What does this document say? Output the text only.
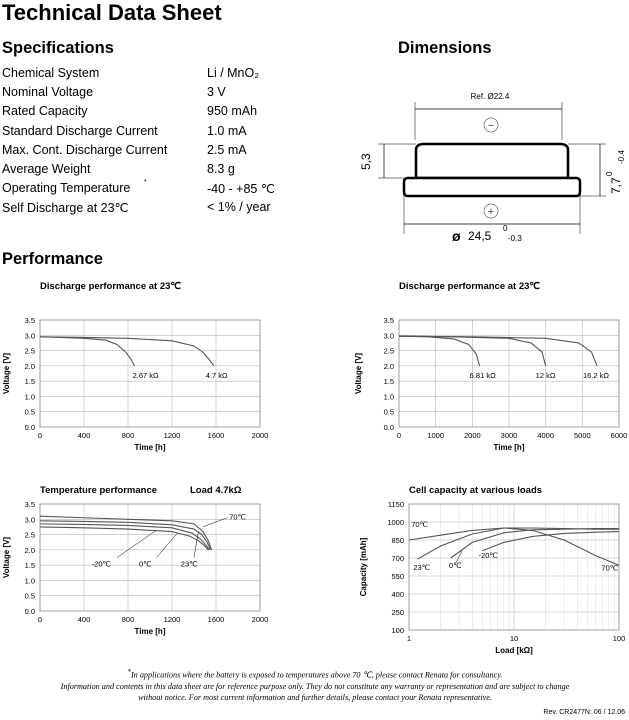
Technical Data Sheet
Specifications	Dimensions
Chemical System	Li / MnO₂
Nominal Voltage	3 V
Rated Capacity	950 mAh
Standard Discharge Current	1.0 mA
Max. Cont. Discharge Current	2.5 mA
Average Weight	8.3 g
Operating Temperature *	-40 - +85 ℃
Self Discharge at 23℃	< 1% / year
Ref. Ø22.4
−
5,3
7,7
0
-0.4
+
ø 24,5
0
-0.3
Performance
Discharge performance at 23℃
0.0
0.5
1.0
1.5
2.0
2.5
3.0
3.5
0	400	800	1200	1600	2000
Time [h]
Voltage [V]	2.67 kΩ	4.7 kΩ
Discharge performance at 23℃
0.0
0.5
1.0
1.5
2.0
2.5
3.0
3.5
0	1000	2000	3000	4000	5000	6000
Time [h]
Voltage [V]	6.81 kΩ	12 kΩ	16.2 kΩ
Temperature performance	Load 4.7kΩ
0.0
0.5
1.0
1.5
2.0
2.5
3.0
3.5
0	400	800	1200	1600	2000
Time [h]
Voltage [V]
70℃
-20℃	0℃	23℃
Cell capacity at various loads
100
250
400
550
700
850
1000
1150
1	10	100
Load [kΩ]
Capacity [mAh]
70℃
23℃	0℃
-20℃
70℃
*In applications where the battery is exposed to temperatures above 70 ℃, please contact Renata for consultancy.
Information and contents in this data sheet are for reference purpose only. They do not constitute any warranty or representation and are subject to change
without notice. For most current information and further details, please contact your Renata representative.
Rev. CR2477N: 06 / 12.06
